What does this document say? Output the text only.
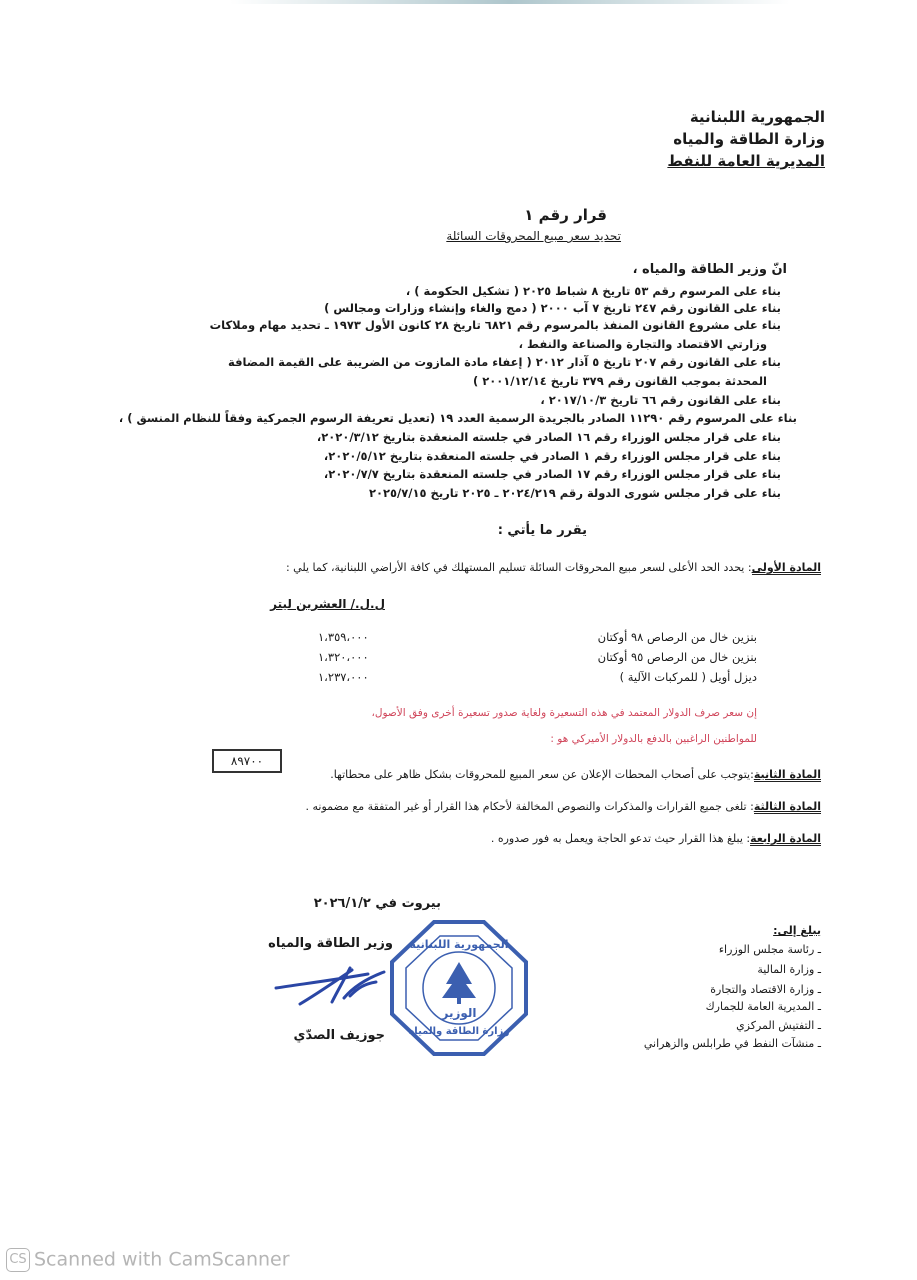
الجمهورية اللبنانية
وزارة الطاقة والمياه
المديرية العامة للنفط
قرار رقم ١
تحديد سعر مبيع المحروقات السائلة
انّ وزير الطاقة والمياه ،
بناء على المرسوم رقم ٥٣ تاريخ ٨ شباط ٢٠٢٥ ( تشكيل الحكومة ) ،
بناء على القانون رقم ٢٤٧ تاريخ ٧ آب ٢٠٠٠ ( دمج والغاء وإنشاء وزارات ومجالس )
بناء على مشروع القانون المنفذ بالمرسوم رقم ٦٨٢١ تاريخ ٢٨ كانون الأول ١٩٧٣ ـ تحديد مهام وملاكات
وزارتي الاقتصاد والتجارة والصناعة والنفط ،
بناء على القانون رقم ٢٠٧ تاريخ ٥ آذار ٢٠١٢ ( إعفاء مادة المازوت من الضريبة على القيمة المضافة
المحدثة بموجب القانون رقم ٣٧٩ تاريخ ٢٠٠١/١٢/١٤ )
بناء على القانون رقم ٦٦ تاريخ ٢٠١٧/١٠/٣ ،
بناء على المرسوم رقم ١١٢٩٠ الصادر بالجريدة الرسمية العدد ١٩ (تعديل تعريفة الرسوم الجمركية وفقاً للنظام المنسق ) ،
بناء على قرار مجلس الوزراء رقم ١٦ الصادر في جلسته المنعقدة بتاريخ ٢٠٢٠/٣/١٢،
بناء على قرار مجلس الوزراء رقم ١ الصادر في جلسته المنعقدة بتاريخ ٢٠٢٠/٥/١٢،
بناء على قرار مجلس الوزراء رقم ١٧ الصادر في جلسته المنعقدة بتاريخ ٢٠٢٠/٧/٧،
بناء على قرار مجلس شورى الدولة رقم ٢٠٢٤/٢١٩ ـ ٢٠٢٥ تاريخ ٢٠٢٥/٧/١٥
يقرر ما يأتي :
المادة الأولى: يحدد الحد الأعلى لسعر مبيع المحروقات السائلة تسليم المستهلك في كافة الأراضي اللبنانية، كما يلي :
ل.ل./ العشرين ليتر
بنزين خال من الرصاص ٩٨ أوكتان
١،٣٥٩،٠٠٠
بنزين خال من الرصاص ٩٥ أوكتان
١،٣٢٠،٠٠٠
ديزل أويل ( للمركبات الآلية )
١،٢٣٧،٠٠٠
إن سعر صرف الدولار المعتمد في هذه التسعيرة ولغاية صدور تسعيرة أخرى وفق الأصول،
للمواطنين الراغبين بالدفع بالدولار الأميركي هو :
٨٩٧٠٠
المادة الثانية:يتوجب على أصحاب المحطات الإعلان عن سعر المبيع للمحروقات بشكل ظاهر على محطاتها.
المادة الثالثة: تلغى جميع القرارات والمذكرات والنصوص المخالفة لأحكام هذا القرار أو غير المتفقة مع مضمونه .
المادة الرابعة: يبلغ هذا القرار حيث تدعو الحاجة ويعمل به فور صدوره .
بيروت في ٢٠٢٦/١/٢
وزير الطاقة والمياه
جوزيف الصدّي
الجمهورية اللبنانية
الوزير
وزارة الطاقة والمياه
يبلغ إلى:
ـ رئاسة مجلس الوزراء
ـ وزارة المالية
ـ وزارة الاقتصاد والتجارة
ـ المديرية العامة للجمارك
ـ التفتيش المركزي
ـ منشآت النفط في طرابلس والزهراني
CS Scanned with CamScanner
